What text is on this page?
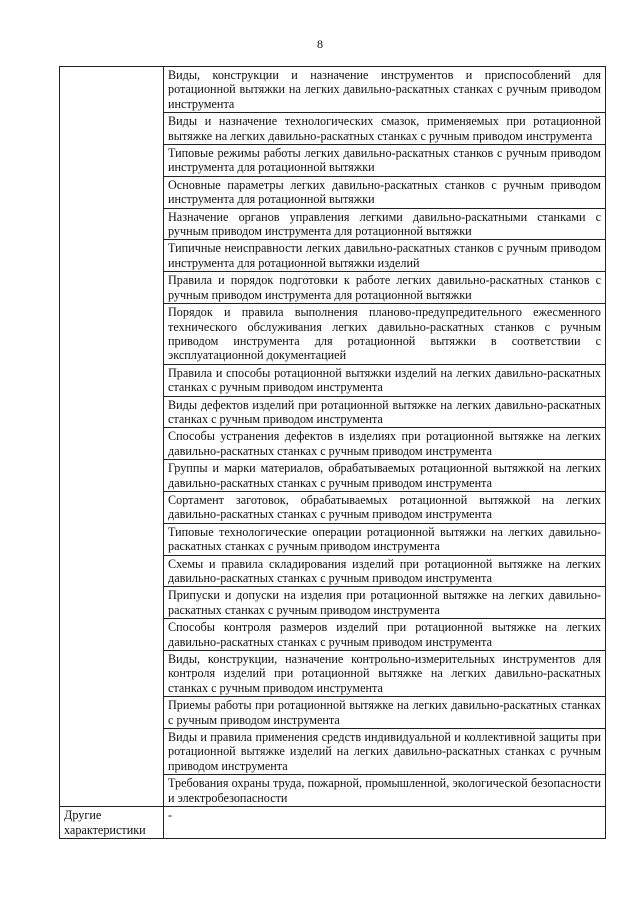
8
	Виды, конструкции и назначение инструментов и приспособлений для ротационной вытяжки на легких давильно-раскатных станках с ручным приводом инструмента
	Виды и назначение технологических смазок, применяемых при ротационной вытяжке на легких давильно-раскатных станках с ручным приводом инструмента
	Типовые режимы работы легких давильно-раскатных станков с ручным приводом инструмента для ротационной вытяжки
	Основные параметры легких давильно-раскатных станков с ручным приводом инструмента для ротационной вытяжки
	Назначение органов управления легкими давильно-раскатными станками с ручным приводом инструмента для ротационной вытяжки
	Типичные неисправности легких давильно-раскатных станков с ручным приводом инструмента для ротационной вытяжки изделий
	Правила и порядок подготовки к работе легких давильно-раскатных станков с ручным приводом инструмента для ротационной вытяжки
	Порядок и правила выполнения планово-предупредительного ежесменного технического обслуживания легких давильно-раскатных станков с ручным приводом инструмента для ротационной вытяжки в соответствии с эксплуатационной документацией
	Правила и способы ротационной вытяжки изделий на легких давильно-раскатных станках с ручным приводом инструмента
	Виды дефектов изделий при ротационной вытяжке на легких давильно-раскатных станках с ручным приводом инструмента
	Способы устранения дефектов в изделиях при ротационной вытяжке на легких давильно-раскатных станках с ручным приводом инструмента
	Группы и марки материалов, обрабатываемых ротационной вытяжкой на легких давильно-раскатных станках с ручным приводом инструмента
	Сортамент заготовок, обрабатываемых ротационной вытяжкой на легких давильно-раскатных станках с ручным приводом инструмента
	Типовые технологические операции ротационной вытяжки на легких давильно-раскатных станках с ручным приводом инструмента
	Схемы и правила складирования изделий при ротационной вытяжке на легких давильно-раскатных станках с ручным приводом инструмента
	Припуски и допуски на изделия при ротационной вытяжке на легких давильно-раскатных станках с ручным приводом инструмента
	Способы контроля размеров изделий при ротационной вытяжке на легких давильно-раскатных станках с ручным приводом инструмента
	Виды, конструкции, назначение контрольно-измерительных инструментов для контроля изделий при ротационной вытяжке на легких давильно-раскатных станках с ручным приводом инструмента
	Приемы работы при ротационной вытяжке на легких давильно-раскатных станках с ручным приводом инструмента
	Виды и правила применения средств индивидуальной и коллективной защиты при ротационной вытяжке изделий на легких давильно-раскатных станках с ручным приводом инструмента
	Требования охраны труда, пожарной, промышленной, экологической безопасности и электробезопасности
Другие характеристики	-
